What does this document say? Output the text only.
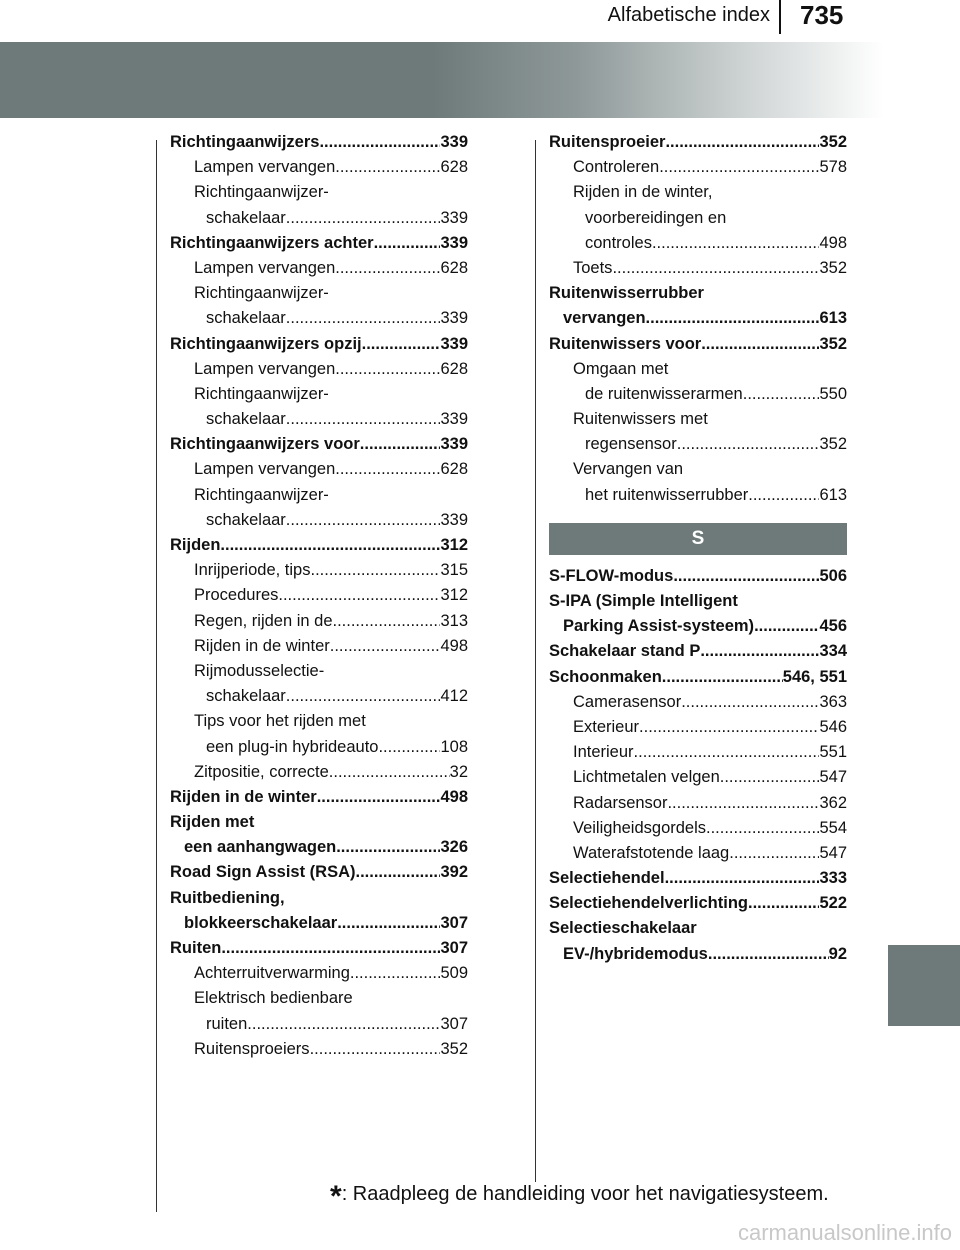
Alfabetische index 735
Richtingaanwijzers .....	339
Lampen vervangen .....	628
Richtingaanwijzer-
schakelaar .....	339
Richtingaanwijzers achter .....	339
Lampen vervangen .....	628
Richtingaanwijzer-
schakelaar .....	339
Richtingaanwijzers opzij .....	339
Lampen vervangen .....	628
Richtingaanwijzer-
schakelaar .....	339
Richtingaanwijzers voor .....	339
Lampen vervangen .....	628
Richtingaanwijzer-
schakelaar .....	339
Rijden .....	312
Inrijperiode, tips .....	315
Procedures .....	312
Regen, rijden in de .....	313
Rijden in de winter .....	498
Rijmodusselectie-
schakelaar .....	412
Tips voor het rijden met
een plug-in hybrideauto .....	108
Zitpositie, correcte .....	32
Rijden in de winter .....	498
Rijden met
een aanhangwagen .....	326
Road Sign Assist (RSA) .....	392
Ruitbediening,
blokkeerschakelaar .....	307
Ruiten .....	307
Achterruitverwarming .....	509
Elektrisch bedienbare
ruiten .....	307
Ruitensproeiers .....	352
Ruitensproeier .....	352
Controleren .....	578
Rijden in de winter,
voorbereidingen en
controles .....	498
Toets .....	352
Ruitenwisserrubber
vervangen .....	613
Ruitenwissers voor .....	352
Omgaan met
de ruitenwisserarmen .....	550
Ruitenwissers met
regensensor .....	352
Vervangen van
het ruitenwisserrubber .....	613
S
S-FLOW-modus .....	506
S-IPA (Simple Intelligent
Parking Assist-systeem) .....	456
Schakelaar stand P .....	334
Schoonmaken .....	546, 551
Camerasensor .....	363
Exterieur .....	546
Interieur .....	551
Lichtmetalen velgen .....	547
Radarsensor .....	362
Veiligheidsgordels .....	554
Waterafstotende laag .....	547
Selectiehendel .....	333
Selectiehendelverlichting .....	522
Selectieschakelaar
EV-/hybridemodus .....	92
*: Raadpleeg de handleiding voor het navigatiesysteem.
carmanualsonline.info
